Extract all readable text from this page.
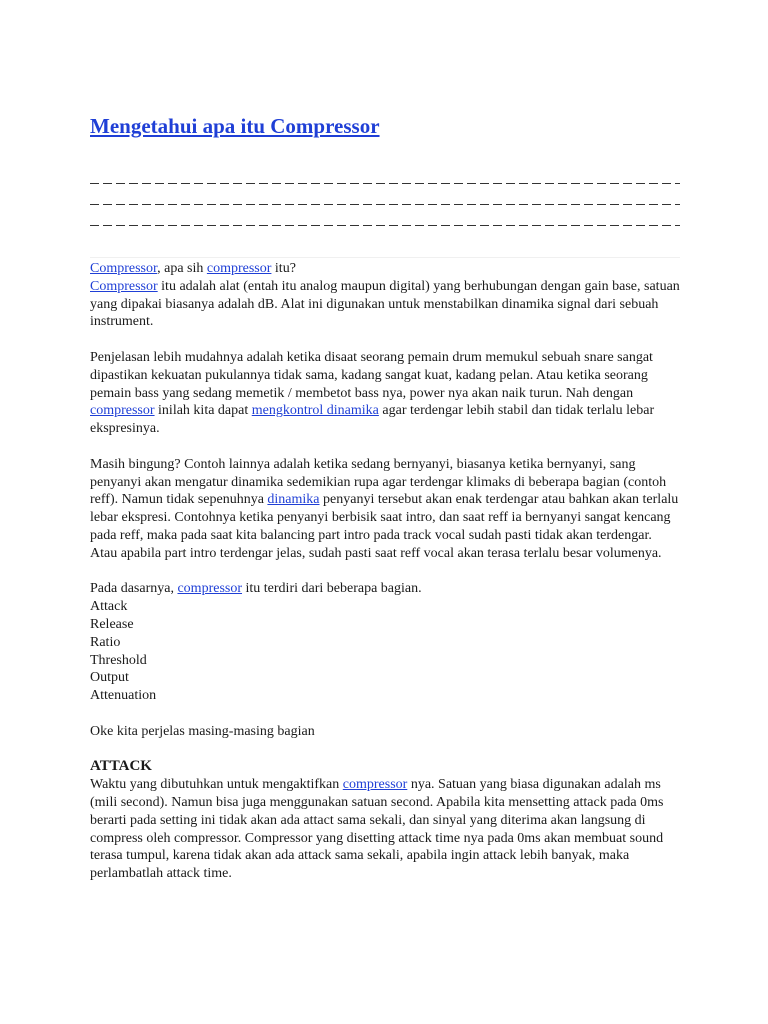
Mengetahui apa itu Compressor

Compressor, apa sih compressor itu?
Compressor itu adalah alat (entah itu analog maupun digital) yang berhubungan dengan gain base, satuan yang dipakai biasanya adalah dB. Alat ini digunakan untuk menstabilkan dinamika signal dari sebuah instrument.

Penjelasan lebih mudahnya adalah ketika disaat seorang pemain drum memukul sebuah snare sangat dipastikan kekuatan pukulannya tidak sama, kadang sangat kuat, kadang pelan. Atau ketika seorang pemain bass yang sedang memetik / membetot bass nya, power nya akan naik turun. Nah dengan compressor inilah kita dapat mengkontrol dinamika agar terdengar lebih stabil dan tidak terlalu lebar ekspresinya.

Masih bingung? Contoh lainnya adalah ketika sedang bernyanyi, biasanya ketika bernyanyi, sang penyanyi akan mengatur dinamika sedemikian rupa agar terdengar klimaks di beberapa bagian (contoh reff). Namun tidak sepenuhnya dinamika penyanyi tersebut akan enak terdengar atau bahkan akan terlalu lebar ekspresi. Contohnya ketika penyanyi berbisik saat intro, dan saat reff ia bernyanyi sangat kencang pada reff, maka pada saat kita balancing part intro pada track vocal sudah pasti tidak akan terdengar. Atau apabila part intro terdengar jelas, sudah pasti saat reff vocal akan terasa terlalu besar volumenya.

Pada dasarnya, compressor itu terdiri dari beberapa bagian.

Attack

Release

Ratio

Threshold

Output

Attenuation

Oke kita perjelas masing-masing bagian

ATTACK

Waktu yang dibutuhkan untuk mengaktifkan compressor nya. Satuan yang biasa digunakan adalah ms (mili second). Namun bisa juga menggunakan satuan second. Apabila kita mensetting attack pada 0ms berarti pada setting ini tidak akan ada attact sama sekali, dan sinyal yang diterima akan langsung di compress oleh compressor. Compressor yang disetting attack time nya pada 0ms akan membuat sound terasa tumpul, karena tidak akan ada attack sama sekali, apabila ingin attack lebih banyak, maka perlambatlah attack time.
